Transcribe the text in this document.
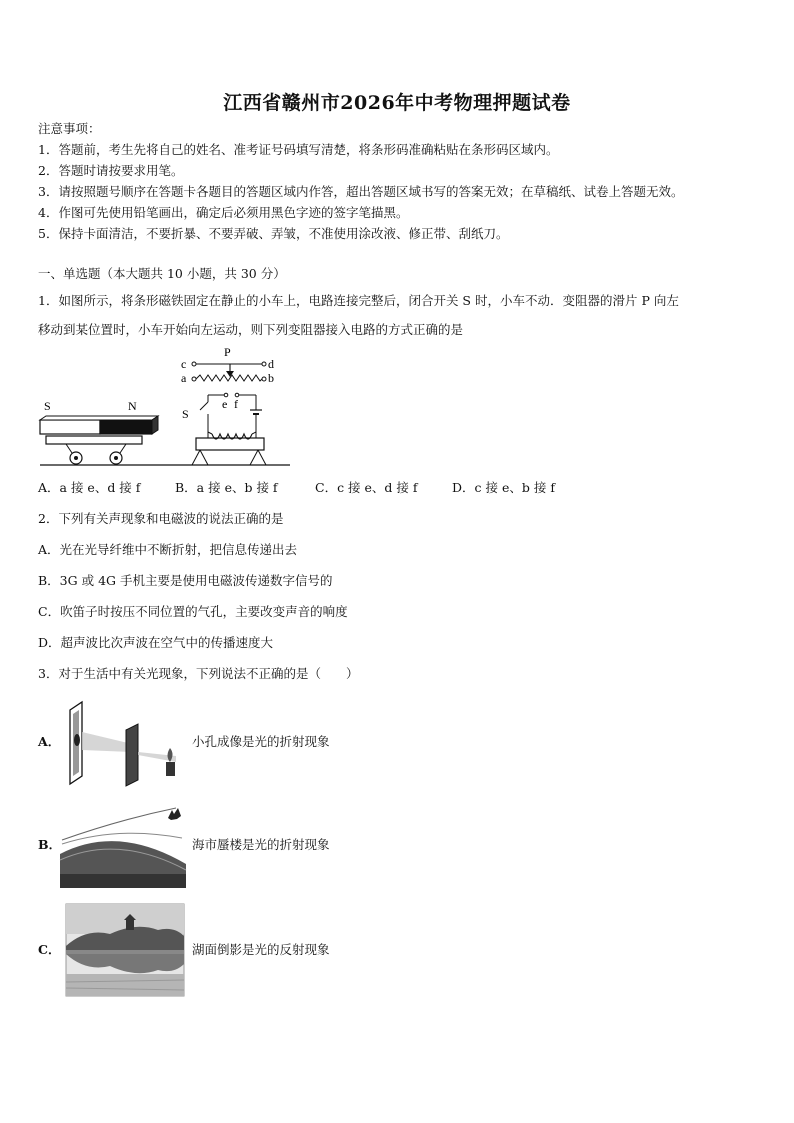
江西省赣州市2026年中考物理押题试卷
注意事项：
1．答题前，考生先将自己的姓名、准考证号码填写清楚，将条形码准确粘贴在条形码区域内。
2．答题时请按要求用笔。
3．请按照题号顺序在答题卡各题目的答题区域内作答，超出答题区域书写的答案无效；在草稿纸、试卷上答题无效。
4．作图可先使用铅笔画出，确定后必须用黑色字迹的签字笔描黑。
5．保持卡面清洁，不要折暴、不要弄破、弄皱，不准使用涂改液、修正带、刮纸刀。
一、单选题（本大题共 10 小题，共 30 分）
1．如图所示，将条形磁铁固定在静止的小车上，电路连接完整后，闭合开关 S 时，小车不动．变阻器的滑片 P 向左
移动到某位置时，小车开始向左运动，则下列变阻器接入电路的方式正确的是
S	N
c
a
d
b
P
S
e f
A．a 接 e、d 接 f	B．a 接 e、b 接 f	C．c 接 e、d 接 f	D．c 接 e、b 接 f
2．下列有关声现象和电磁波的说法正确的是
A．光在光导纤维中不断折射，把信息传递出去
B．3G 或 4G 手机主要是使用电磁波传递数字信号的
C．吹笛子时按压不同位置的气孔，主要改变声音的响度
D．超声波比次声波在空气中的传播速度大
3．对于生活中有关光现象，下列说法不正确的是（　　）
A．	小孔成像是光的折射现象
B．	海市蜃楼是光的折射现象
C．	湖面倒影是光的反射现象
